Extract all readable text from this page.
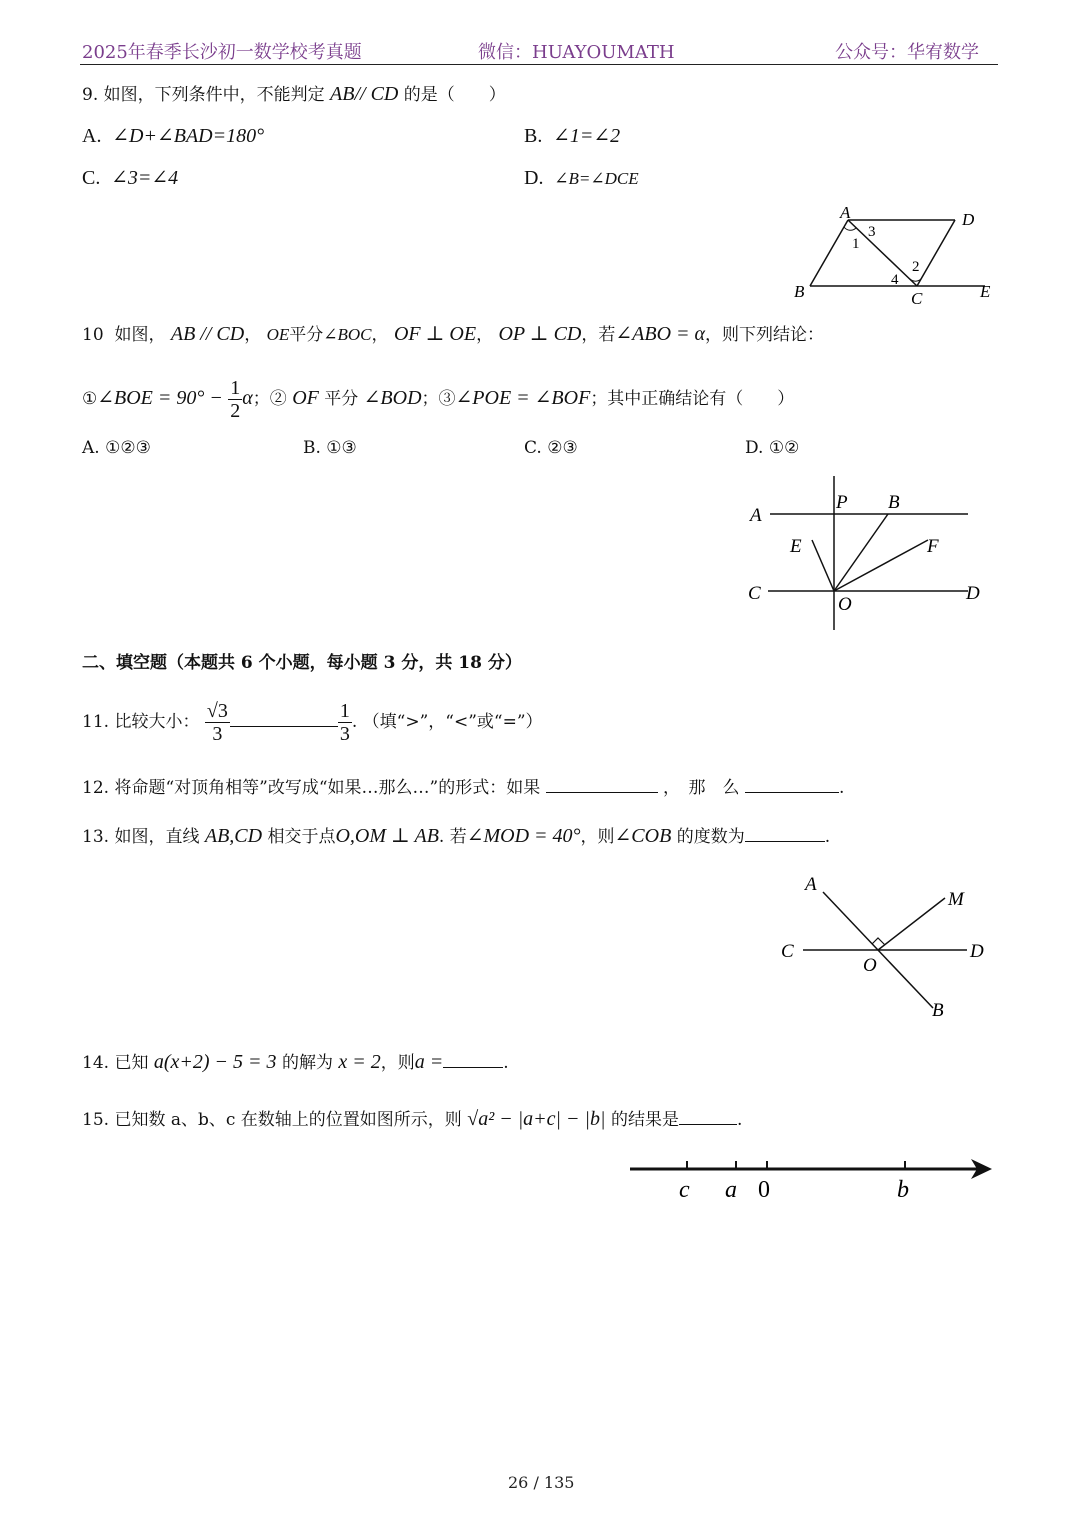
2025年春季长沙初一数学校考真题	微信：HUAYOUMATH	公众号：华宥数学
9. 如图，下列条件中，不能判定 AB// CD 的是（　　）
A. ∠D+∠BAD=180°	B. ∠1=∠2
C. ∠3=∠4	D. ∠B=∠DCE
A	D
B	C	E
1
3
2
4
10 如图， AB // CD， OE平分∠BOC， OF ⊥ OE， OP ⊥ CD，若∠ABO = α，则下列结论：
①∠BOE = $90^\circ - \frac{1}{2}$ α；② OF 平分 ∠BOD；③∠POE = ∠BOF；其中正确结论有（　　）
A. ①②③	B. ①③	C. ②③	D. ①②
A
P B
E	F
C
O
D
二、填空题（本题共 6 个小题，每小题 3 分，共 18 分）
11. 比较大小： $\frac{√3}{3}$	$\frac{1}{3}$ . （填“>”，“<”或“=”）
12. 将命题“对顶角相等”改写成“如果…那么…”的形式：如果	，　那　么	.
13. 如图，直线 AB,CD 相交于点O,OM ⊥ AB. 若∠MOD = 40°，则∠COB 的度数为	.
A
M
C	D
O
B
14. 已知 a(x+2) − 5 = 3 的解为 x = 2，则a =	.
15. 已知数 a、b、c 在数轴上的位置如图所示，则 √a² − |a+c| − |b| 的结果是	.
c a 0	b
26 / 135
